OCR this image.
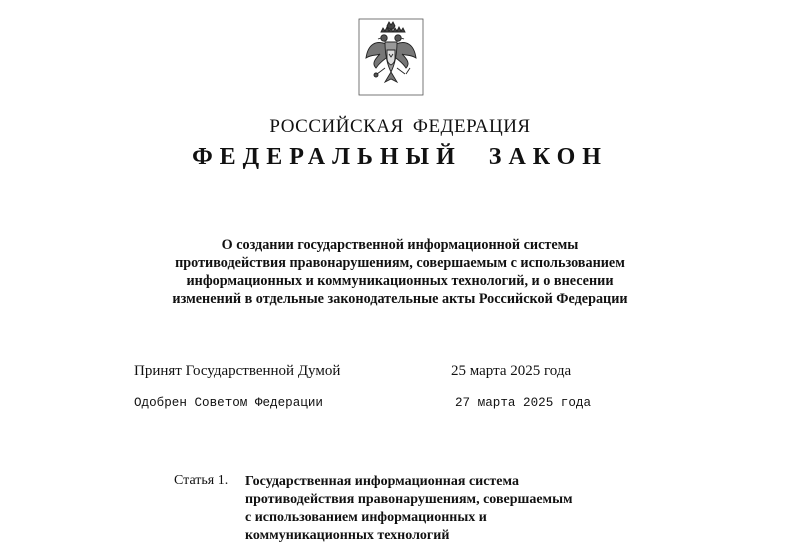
РОССИЙСКАЯ ФЕДЕРАЦИЯ
ФЕДЕРАЛЬНЫЙ ЗАКОН
О создании государственной информационной системы
противодействия правонарушениям, совершаемым с использованием
информационных и коммуникационных технологий, и о внесении
изменений в отдельные законодательные акты Российской Федерации
Принят Государственной Думой	25 марта 2025 года
Одобрен Советом Федерации	27 марта 2025 года
Статья 1. Государственная информационная система
противодействия правонарушениям, совершаемым
с использованием информационных и
коммуникационных технологий
